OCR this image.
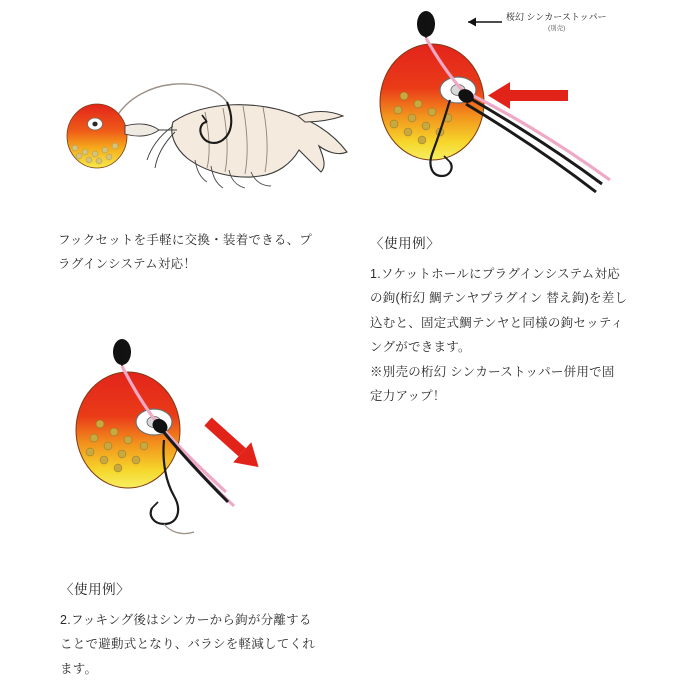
桜幻 シンカーストッパー
(別売)
フックセットを手軽に交換・装着できる、プ
ラグインシステム対応！
〈使用例〉
1.ソケットホールにプラグインシステム対応
の鉤(桁幻 鯛テンヤプラグイン 替え鉤)を差し
込むと、固定式鯛テンヤと同様の鉤セッティ
ングができます。
※別売の桁幻 シンカーストッパー併用で固
定力アップ！
〈使用例〉
2.フッキング後はシンカーから鉤が分離する
ことで避動式となり、バラシを軽減してくれ
ます。
